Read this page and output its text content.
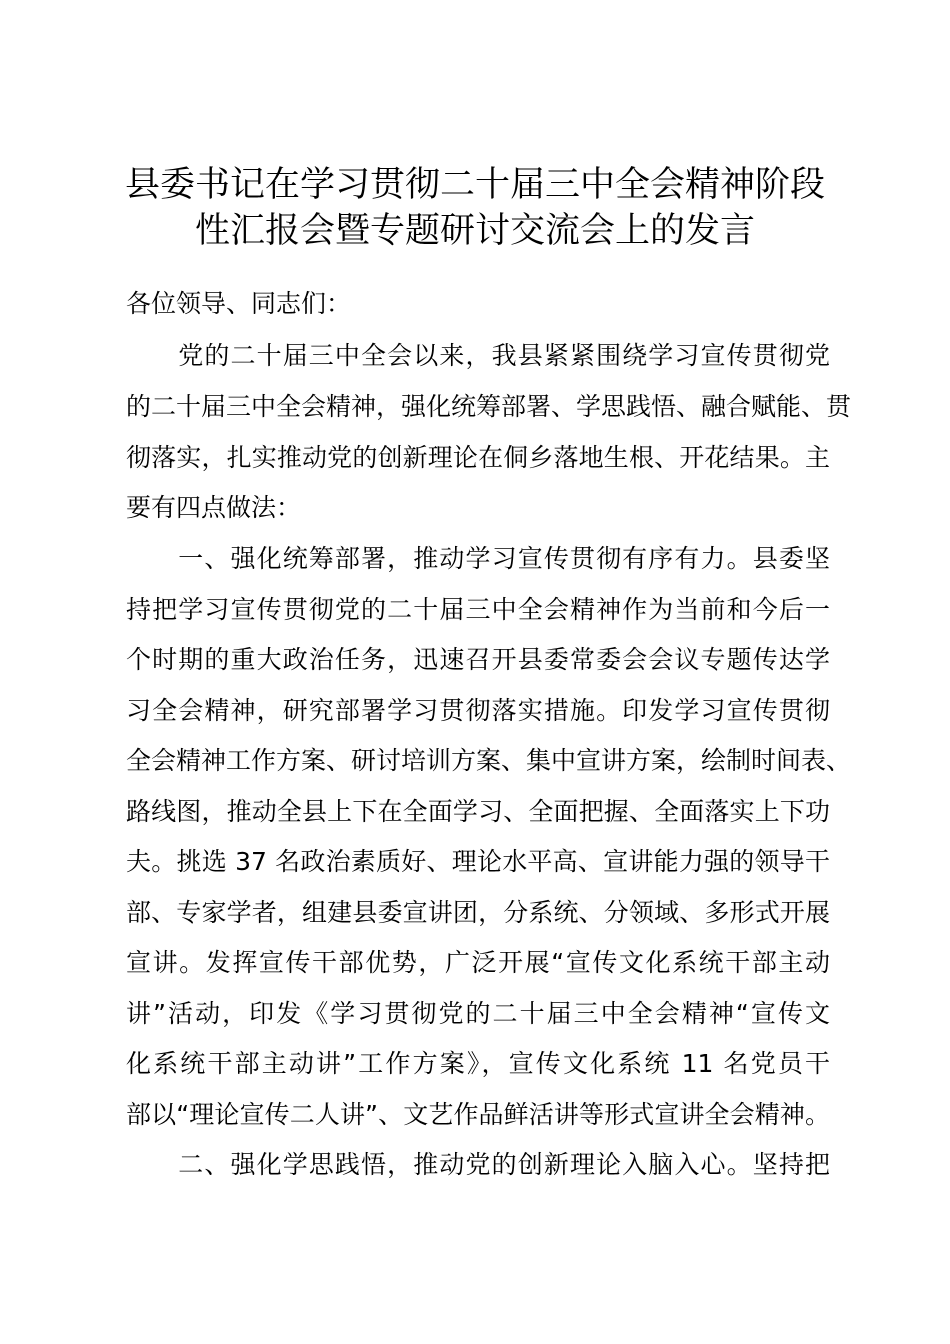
县委书记在学习贯彻二十届三中全会精神阶段
性汇报会暨专题研讨交流会上的发言
各位领导、同志们：
　　党的二十届三中全会以来，我县紧紧围绕学习宣传贯彻党
的二十届三中全会精神，强化统筹部署、学思践悟、融合赋能、贯
彻落实，扎实推动党的创新理论在侗乡落地生根、开花结果。主
要有四点做法：
　　一、强化统筹部署，推动学习宣传贯彻有序有力。县委坚
持把学习宣传贯彻党的二十届三中全会精神作为当前和今后一
个时期的重大政治任务，迅速召开县委常委会会议专题传达学
习全会精神，研究部署学习贯彻落实措施。印发学习宣传贯彻
全会精神工作方案、研讨培训方案、集中宣讲方案，绘制时间表、
路线图，推动全县上下在全面学习、全面把握、全面落实上下功
夫。挑选 37 名政治素质好、理论水平高、宣讲能力强的领导干
部、专家学者，组建县委宣讲团，分系统、分领域、多形式开展
宣讲。发挥宣传干部优势，广泛开展“宣传文化系统干部主动
讲”活动，印发《学习贯彻党的二十届三中全会精神“宣传文
化系统干部主动讲”工作方案》，宣传文化系统 11 名党员干
部以“理论宣传二人讲”、文艺作品鲜活讲等形式宣讲全会精神。
　　二、强化学思践悟，推动党的创新理论入脑入心。坚持把
